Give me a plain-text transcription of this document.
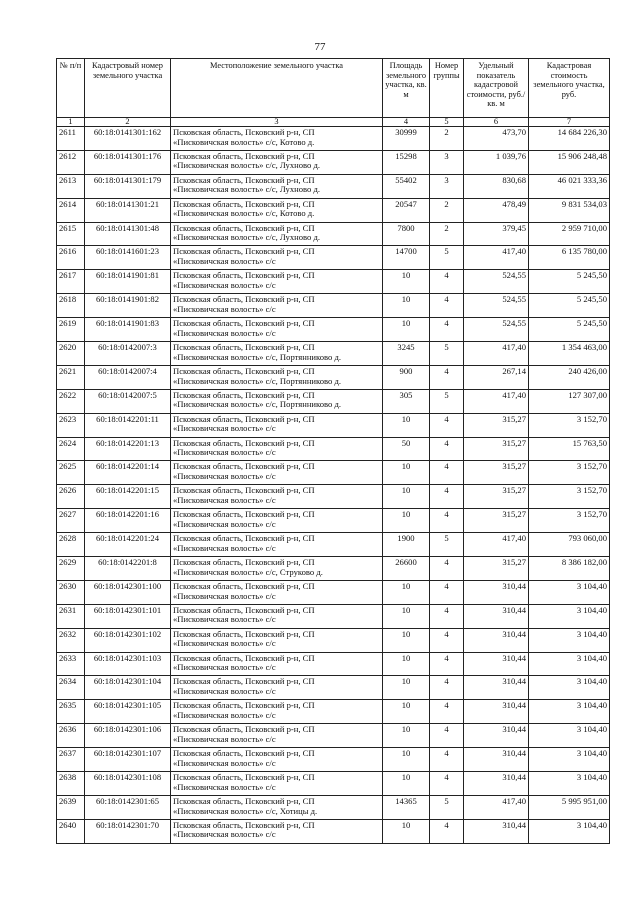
77
№ п/п	Кадастровый номер земельного участка	Местоположение земельного участка	Площадь земельного участка, кв. м	Номер группы	Удельный показатель кадастровой стоимости, руб./кв. м	Кадастровая стоимость земельного участка, руб.
1	2	3	4	5	6	7
2611	60:18:0141301:162	Псковская область, Псковский р-н, СП
«Писковичская волость» с/с, Котово д.	30999	2	473,70	14 684 226,30
2612	60:18:0141301:176	Псковская область, Псковский р-н, СП
«Писковичская волость» с/с, Лухново д.	15298	3	1 039,76	15 906 248,48
2613	60:18:0141301:179	Псковская область, Псковский р-н, СП
«Писковичская волость» с/с, Лухново д.	55402	3	830,68	46 021 333,36
2614	60:18:0141301:21	Псковская область, Псковский р-н, СП
«Писковичская волость» с/с, Котово д.	20547	2	478,49	9 831 534,03
2615	60:18:0141301:48	Псковская область, Псковский р-н, СП
«Писковичская волость» с/с, Лухново д.	7800	2	379,45	2 959 710,00
2616	60:18:0141601:23	Псковская область, Псковский р-н, СП
«Писковичская волость» с/с	14700	5	417,40	6 135 780,00
2617	60:18:0141901:81	Псковская область, Псковский р-н, СП
«Писковичская волость» с/с	10	4	524,55	5 245,50
2618	60:18:0141901:82	Псковская область, Псковский р-н, СП
«Писковичская волость» с/с	10	4	524,55	5 245,50
2619	60:18:0141901:83	Псковская область, Псковский р-н, СП
«Писковичская волость» с/с	10	4	524,55	5 245,50
2620	60:18:0142007:3	Псковская область, Псковский р-н, СП
«Писковичская волость» с/с, Портянниково д.	3245	5	417,40	1 354 463,00
2621	60:18:0142007:4	Псковская область, Псковский р-н, СП
«Писковичская волость» с/с, Портянниково д.	900	4	267,14	240 426,00
2622	60:18:0142007:5	Псковская область, Псковский р-н, СП
«Писковичская волость» с/с, Портянниково д.	305	5	417,40	127 307,00
2623	60:18:0142201:11	Псковская область, Псковский р-н, СП
«Писковичская волость» с/с	10	4	315,27	3 152,70
2624	60:18:0142201:13	Псковская область, Псковский р-н, СП
«Писковичская волость» с/с	50	4	315,27	15 763,50
2625	60:18:0142201:14	Псковская область, Псковский р-н, СП
«Писковичская волость» с/с	10	4	315,27	3 152,70
2626	60:18:0142201:15	Псковская область, Псковский р-н, СП
«Писковичская волость» с/с	10	4	315,27	3 152,70
2627	60:18:0142201:16	Псковская область, Псковский р-н, СП
«Писковичская волость» с/с	10	4	315,27	3 152,70
2628	60:18:0142201:24	Псковская область, Псковский р-н, СП
«Писковичская волость» с/с	1900	5	417,40	793 060,00
2629	60:18:0142201:8	Псковская область, Псковский р-н, СП
«Писковичская волость» с/с, Струково д.	26600	4	315,27	8 386 182,00
2630	60:18:0142301:100	Псковская область, Псковский р-н, СП
«Писковичская волость» с/с	10	4	310,44	3 104,40
2631	60:18:0142301:101	Псковская область, Псковский р-н, СП
«Писковичская волость» с/с	10	4	310,44	3 104,40
2632	60:18:0142301:102	Псковская область, Псковский р-н, СП
«Писковичская волость» с/с	10	4	310,44	3 104,40
2633	60:18:0142301:103	Псковская область, Псковский р-н, СП
«Писковичская волость» с/с	10	4	310,44	3 104,40
2634	60:18:0142301:104	Псковская область, Псковский р-н, СП
«Писковичская волость» с/с	10	4	310,44	3 104,40
2635	60:18:0142301:105	Псковская область, Псковский р-н, СП
«Писковичская волость» с/с	10	4	310,44	3 104,40
2636	60:18:0142301:106	Псковская область, Псковский р-н, СП
«Писковичская волость» с/с	10	4	310,44	3 104,40
2637	60:18:0142301:107	Псковская область, Псковский р-н, СП
«Писковичская волость» с/с	10	4	310,44	3 104,40
2638	60:18:0142301:108	Псковская область, Псковский р-н, СП
«Писковичская волость» с/с	10	4	310,44	3 104,40
2639	60:18:0142301:65	Псковская область, Псковский р-н, СП
«Писковичская волость» с/с, Хотицы д.	14365	5	417,40	5 995 951,00
2640	60:18:0142301:70	Псковская область, Псковский р-н, СП
«Писковичская волость» с/с	10	4	310,44	3 104,40
